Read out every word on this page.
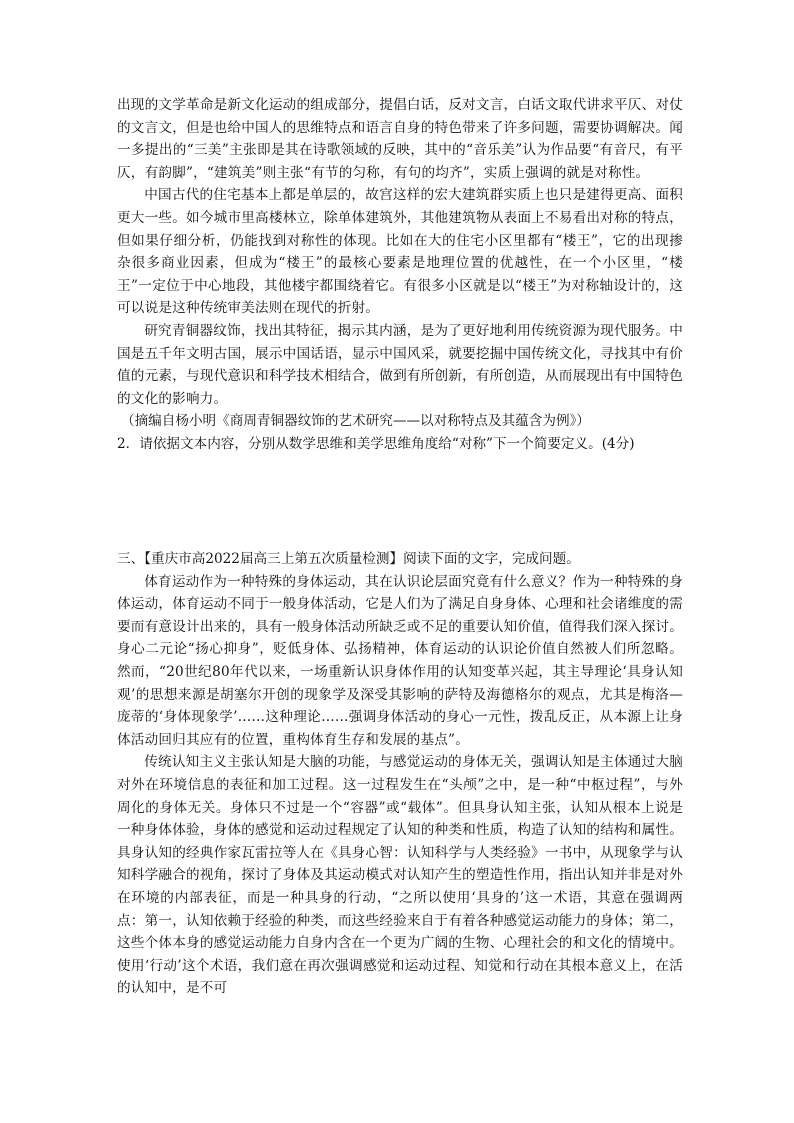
出现的文学革命是新文化运动的组成部分，提倡白话，反对文言，白话文取代讲求平仄、对仗的文言文，但是也给中国人的思维特点和语言自身的特色带来了许多问题，需要协调解决。闻一多提出的“三美”主张即是其在诗歌领域的反映，其中的“音乐美”认为作品要“有音尺，有平仄，有韵脚”，“建筑美”则主张“有节的匀称，有句的均齐”，实质上强调的就是对称性。

中国古代的住宅基本上都是单层的，故宫这样的宏大建筑群实质上也只是建得更高、面积更大一些。如今城市里高楼林立，除单体建筑外，其他建筑物从表面上不易看出对称的特点，但如果仔细分析，仍能找到对称性的体现。比如在大的住宅小区里都有“楼王”，它的出现掺杂很多商业因素，但成为“楼王”的最核心要素是地理位置的优越性，在一个小区里，“楼王”一定位于中心地段，其他楼宇都围绕着它。有很多小区就是以“楼王”为对称轴设计的，这可以说是这种传统审美法则在现代的折射。

研究青铜器纹饰，找出其特征，揭示其内涵，是为了更好地利用传统资源为现代服务。中国是五千年文明古国，展示中国话语，显示中国风采，就要挖掘中国传统文化，寻找其中有价值的元素，与现代意识和科学技术相结合，做到有所创新，有所创造，从而展现出有中国特色的文化的影响力。

（摘编自杨小明《商周青铜器纹饰的艺术研究——以对称特点及其蕴含为例》）

2．请依据文本内容，分别从数学思维和美学思维角度给“对称”下一个简要定义。(4分)

三、【重庆市高2022届高三上第五次质量检测】阅读下面的文字，完成问题。

体育运动作为一种特殊的身体运动，其在认识论层面究竟有什么意义？作为一种特殊的身体运动，体育运动不同于一般身体活动，它是人们为了满足自身身体、心理和社会诸维度的需要而有意设计出来的，具有一般身体活动所缺乏或不足的重要认知价值，值得我们深入探讨。身心二元论“扬心抑身”，贬低身体、弘扬精神，体育运动的认识论价值自然被人们所忽略。然而，“20世纪80年代以来，一场重新认识身体作用的认知变革兴起，其主导理论‘具身认知观’的思想来源是胡塞尔开创的现象学及深受其影响的萨特及海德格尔的观点，尤其是梅洛—庞蒂的‘身体现象学’……这种理论……强调身体活动的身心一元性，拨乱反正，从本源上让身体活动回归其应有的位置，重构体育生存和发展的基点”。

传统认知主义主张认知是大脑的功能，与感觉运动的身体无关，强调认知是主体通过大脑对外在环境信息的表征和加工过程。这一过程发生在“头颅”之中，是一种“中枢过程”，与外周化的身体无关。身体只不过是一个“容器”或“载体”。但具身认知主张，认知从根本上说是一种身体体验，身体的感觉和运动过程规定了认知的种类和性质，构造了认知的结构和属性。具身认知的经典作家瓦雷拉等人在《具身心智：认知科学与人类经验》一书中，从现象学与认知科学融合的视角，探讨了身体及其运动模式对认知产生的塑造性作用，指出认知并非是对外在环境的内部表征，而是一种具身的行动，“之所以使用‘具身的’这一术语，其意在强调两点：第一，认知依赖于经验的种类，而这些经验来自于有着各种感觉运动能力的身体；第二，这些个体本身的感觉运动能力自身内含在一个更为广阔的生物、心理社会的和文化的情境中。使用‘行动’这个术语，我们意在再次强调感觉和运动过程、知觉和行动在其根本意义上，在活的认知中，是不可
